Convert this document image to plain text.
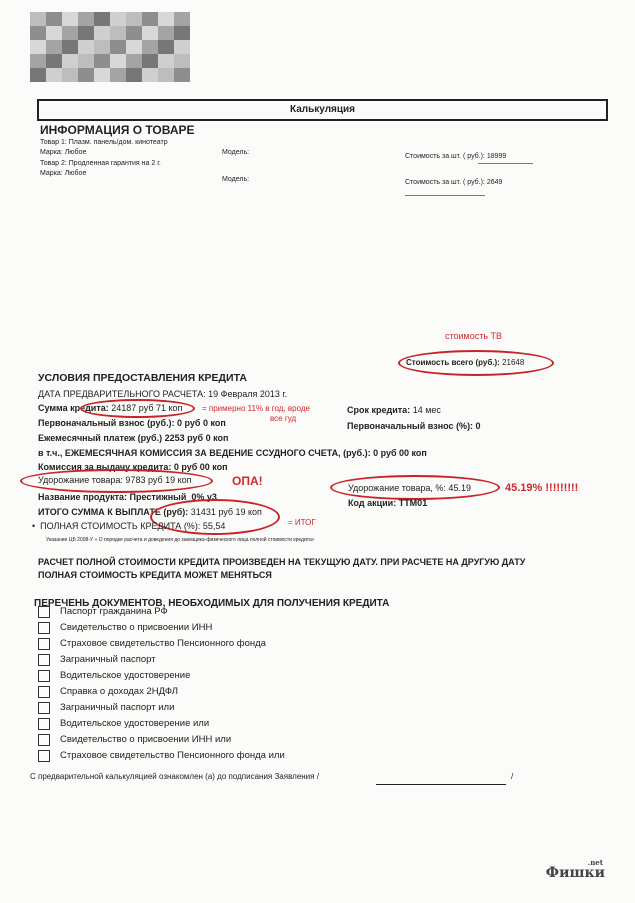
Калькуляция
ИНФОРМАЦИЯ О ТОВАРЕ
Товар 1: Плазм. панель/дом. кинотеатр
Марка: Любое	Модель:
Стоимость за шт. ( руб.): 18999
Товар 2: Продленная гарантия на 2 г.
Марка: Любое
Модель:	Стоимость за шт. ( руб.): 2649
стоимость ТВ
Стоимость всего (руб.): 21648
УСЛОВИЯ ПРЕДОСТАВЛЕНИЯ КРЕДИТА
ДАТА ПРЕДВАРИТЕЛЬНОГО РАСЧЕТА: 19 Февраля 2013 г.
Сумма кредита: 24187 руб 71 коп = примерно 11% в год, вроде
все гуд
Срок кредита: 14 мес
Первоначальный взнос (руб.): 0 руб 0 коп	Первоначальный взнос (%): 0
Ежемесячный платеж (руб.) 2253 руб 0 коп
в т.ч., ЕЖЕМЕСЯЧНАЯ КОМИССИЯ ЗА ВЕДЕНИЕ ССУДНОГО СЧЕТА, (руб.): 0 руб 00 коп
Комиссия за выдачу кредита: 0 руб 00 коп
Удорожание товара: 9783 руб 19 коп	ОПА!	Удорожание товара, %: 45.19	45.19% !!!!!!!!!
Код акции: ТТМ01
Название продукта: Престижный_0% у3
ИТОГО СУММА К ВЫПЛАТЕ (руб): 31431 руб 19 коп
•  ПОЛНАЯ СТОИМОСТЬ КРЕДИТА (%): 55,54	= ИТОГ
Указание ЦБ 2008-У « О порядке расчета и доведения до заемщика-физического лица полной стоимости кредита»
РАСЧЕТ ПОЛНОЙ СТОИМОСТИ КРЕДИТА ПРОИЗВЕДЕН НА ТЕКУЩУЮ ДАТУ. ПРИ РАСЧЕТЕ НА ДРУГУЮ ДАТУ
ПОЛНАЯ СТОИМОСТЬ КРЕДИТА МОЖЕТ МЕНЯТЬСЯ
ПЕРЕЧЕНЬ ДОКУМЕНТОВ, НЕОБХОДИМЫХ ДЛЯ ПОЛУЧЕНИЯ КРЕДИТА
Паспорт гражданина РФ
Свидетельство о присвоении ИНН
Страховое свидетельство Пенсионного фонда
Заграничный паспорт
Водительское удостоверение
Справка о доходах 2НДФЛ
Заграничный паспорт или
Водительское удостоверение или
Свидетельство о присвоении ИНН или
Страховое свидетельство Пенсионного фонда или
С предварительной калькуляцией ознакомлен (а) до подписания Заявления /	/
.net
Фишки
